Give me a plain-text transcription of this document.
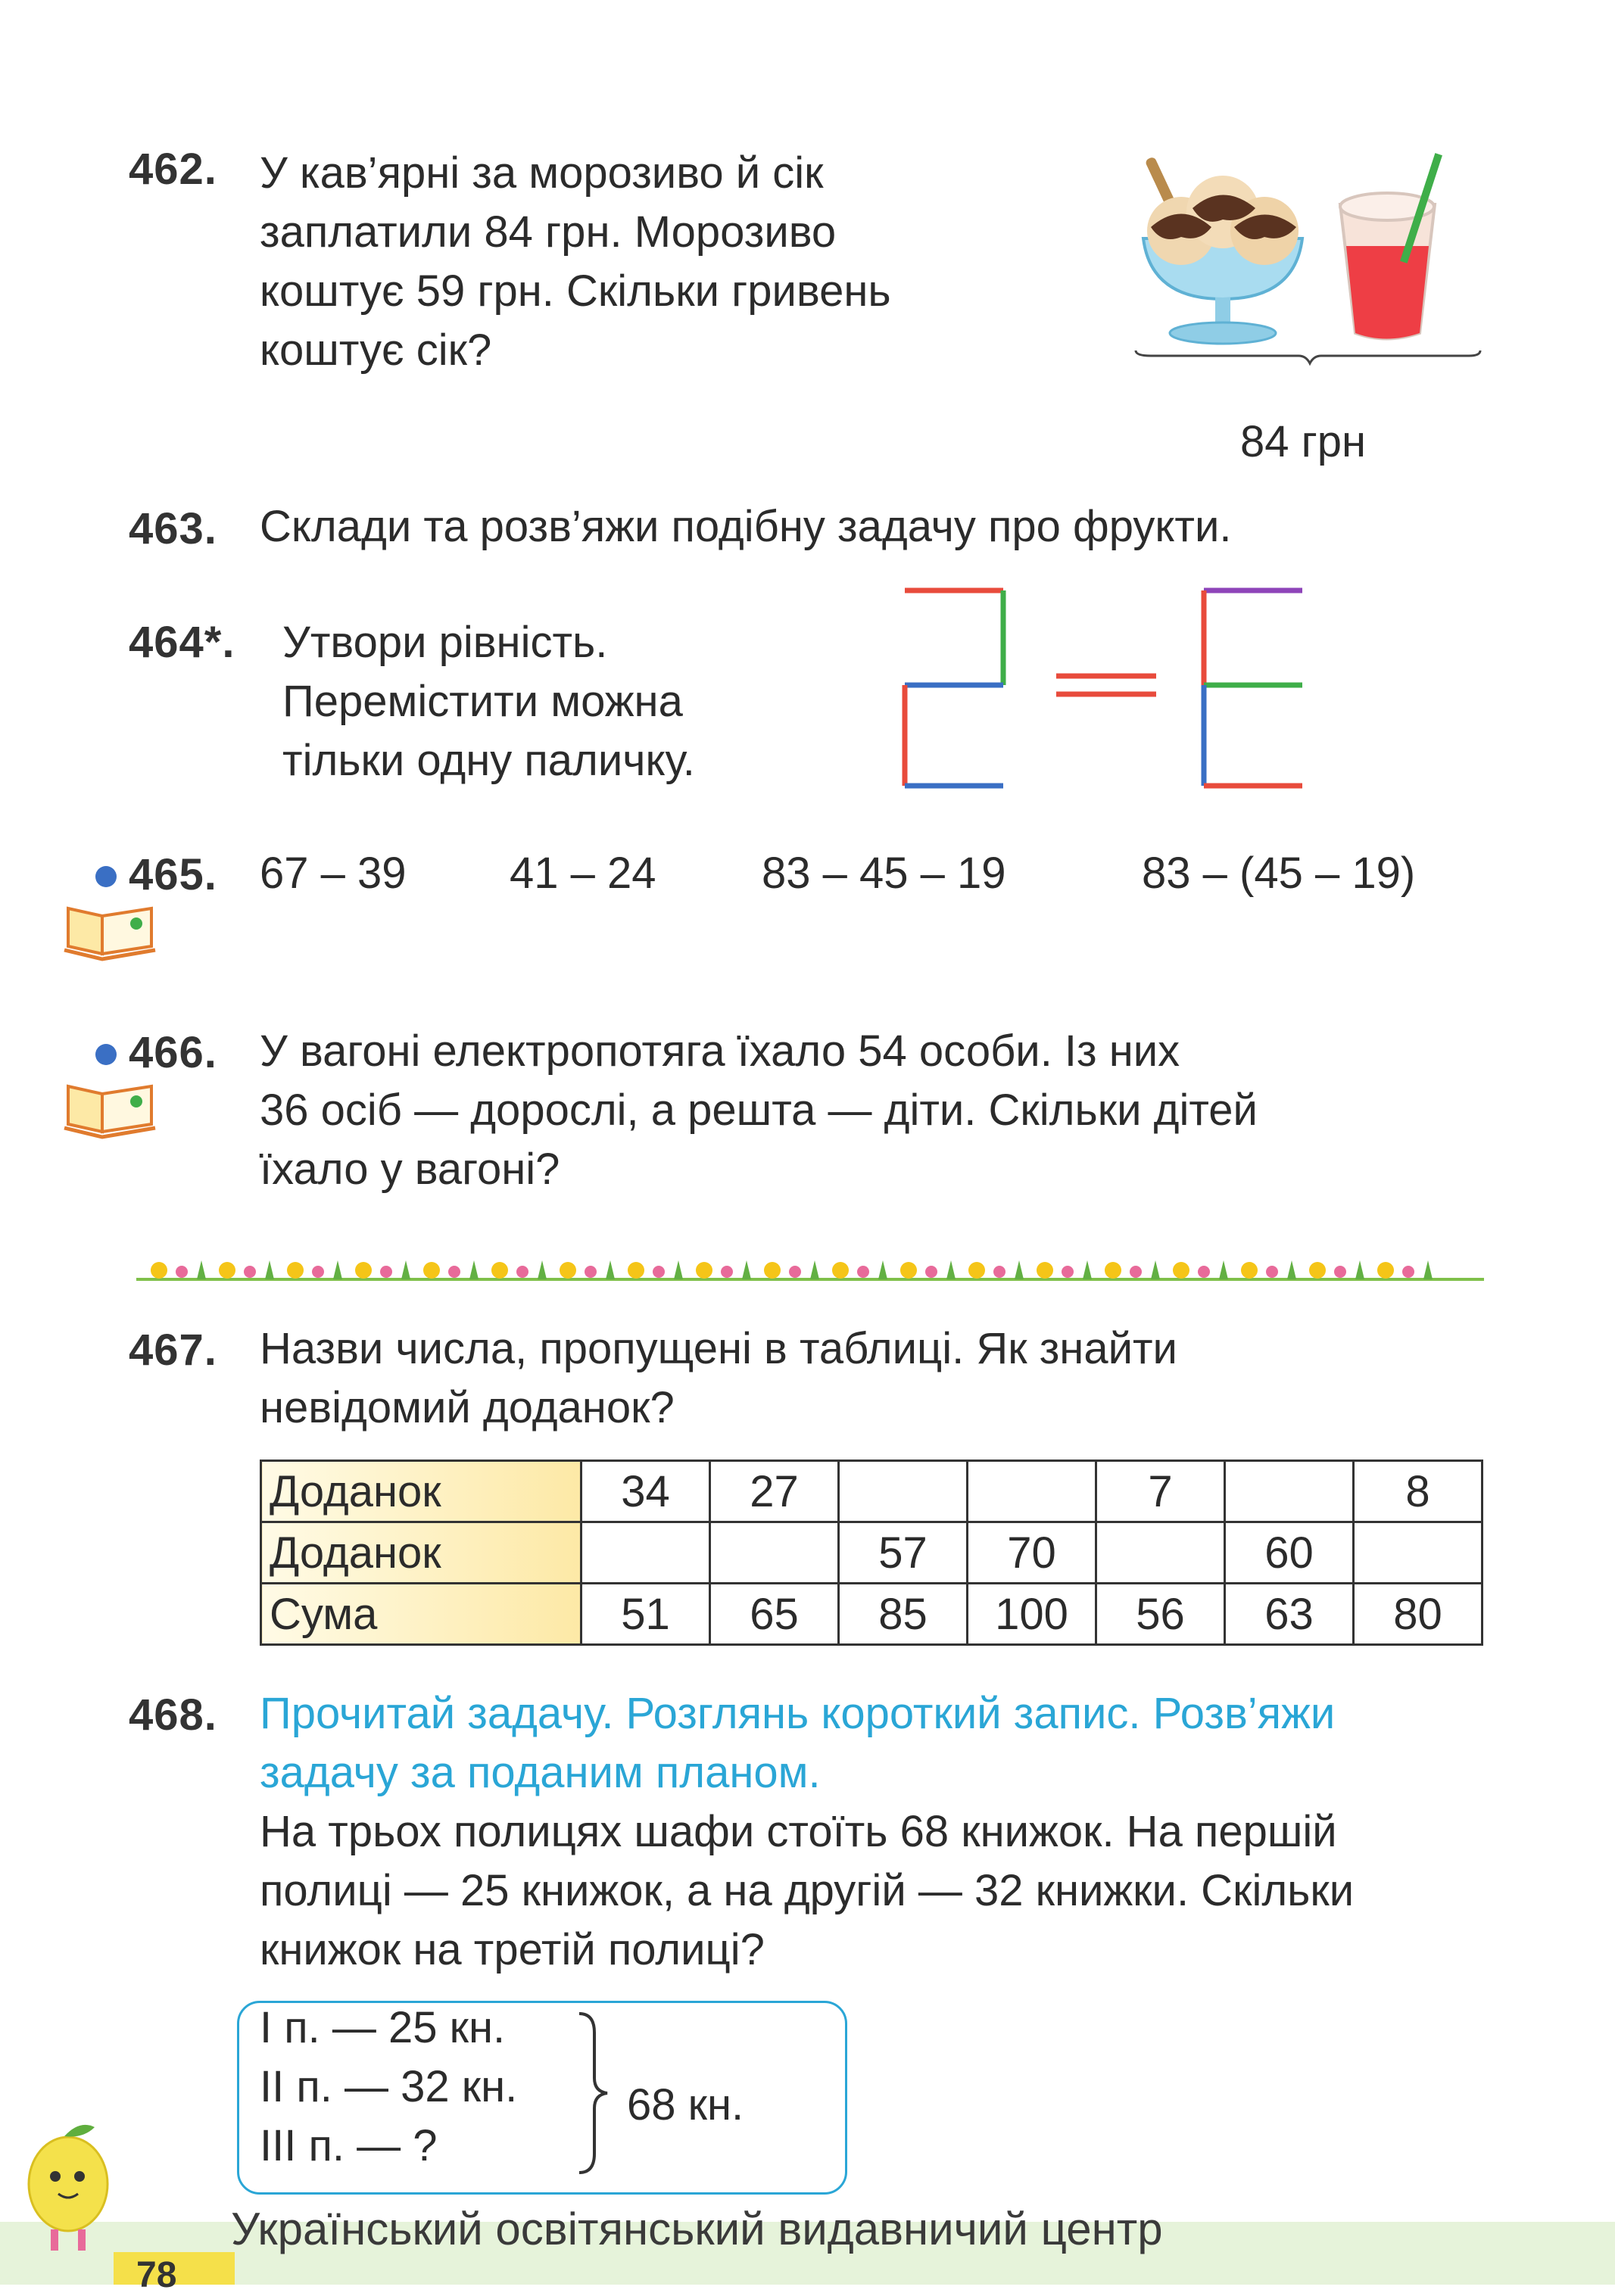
462. У кав’ярні за морозиво й сік
заплатили 84 грн. Морозиво
коштує 59 грн. Скільки гривень
коштує сік?
84 грн
463. Склади та розв’яжи подібну задачу про фрукти.
464*. Утвори рівність.
Перемістити можна
тільки одну паличку.
465. 67 – 39 41 – 24 83 – 45 – 19	83 – (45 – 19)
466. У вагоні електропотяга їхало 54 особи. Із них
36 осіб — дорослі, а решта — діти. Скільки дітей
їхало у вагоні?
467. Назви числа, пропущені в таблиці. Як знайти
невідомий доданок?
Доданок	34	27			7		8
Доданок			57	70		60	
Сума	51	65	85	100	56	63	80
468. Прочитай задачу. Розглянь короткий запис. Розв’яжи
задачу за поданим планом.
На трьох полицях шафи стоїть 68 книжок. На першій
полиці — 25 книжок, а на другій — 32 книжки. Скільки
книжок на третій полиці?
І п. — 25 кн.
ІІ п. — 32 кн.
ІІІ п. — ?
68 кн.
78
Український освітянський видавничий центр
